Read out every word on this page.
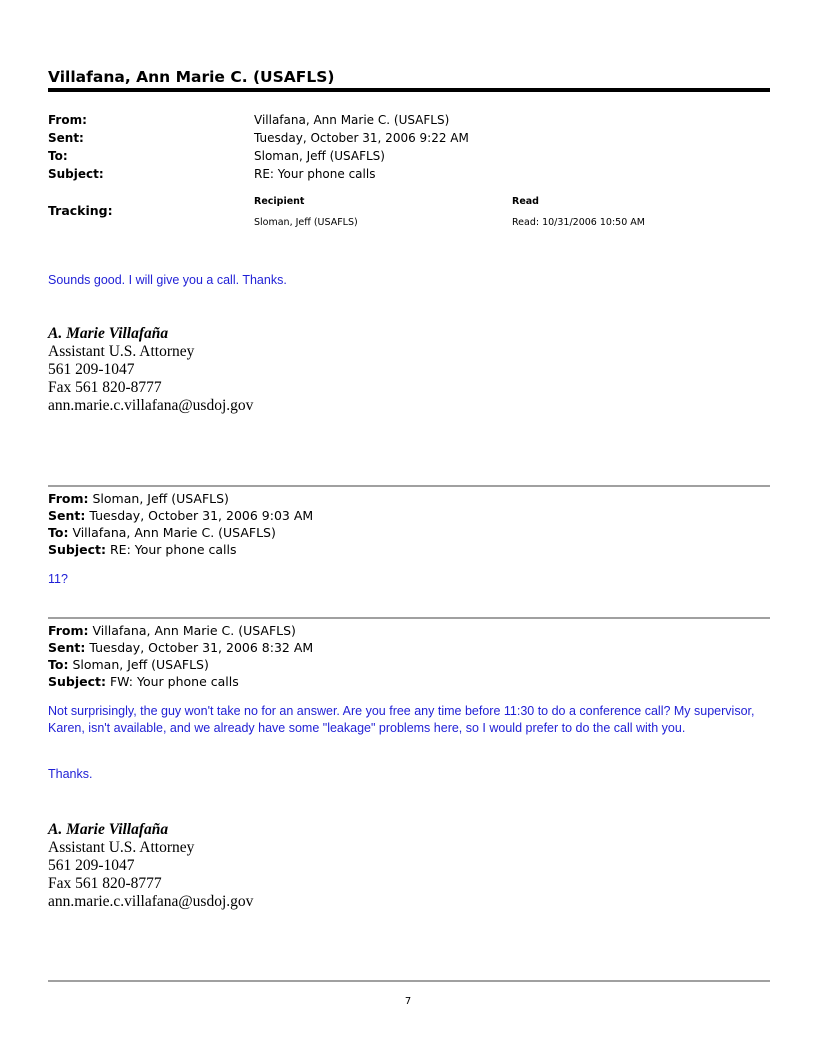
Villafana, Ann Marie C. (USAFLS)
From:	Villafana, Ann Marie C. (USAFLS)
Sent:	Tuesday, October 31, 2006 9:22 AM
To:	Sloman, Jeff (USAFLS)
Subject:	RE: Your phone calls
Tracking:
Recipient	Read
Sloman, Jeff (USAFLS)	Read: 10/31/2006 10:50 AM
Sounds good. I will give you a call. Thanks.
A. Marie Villafaña
Assistant U.S. Attorney
561 209-1047
Fax 561 820-8777
ann.marie.c.villafana@usdoj.gov
From: Sloman, Jeff (USAFLS)
Sent: Tuesday, October 31, 2006 9:03 AM
To: Villafana, Ann Marie C. (USAFLS)
Subject: RE: Your phone calls
11?
From: Villafana, Ann Marie C. (USAFLS)
Sent: Tuesday, October 31, 2006 8:32 AM
To: Sloman, Jeff (USAFLS)
Subject: FW: Your phone calls
Not surprisingly, the guy won't take no for an answer. Are you free any time before 11:30 to do a conference call? My supervisor, Karen, isn't available, and we already have some "leakage" problems here, so I would prefer to do the call with you.
Thanks.
A. Marie Villafaña
Assistant U.S. Attorney
561 209-1047
Fax 561 820-8777
ann.marie.c.villafana@usdoj.gov
7
